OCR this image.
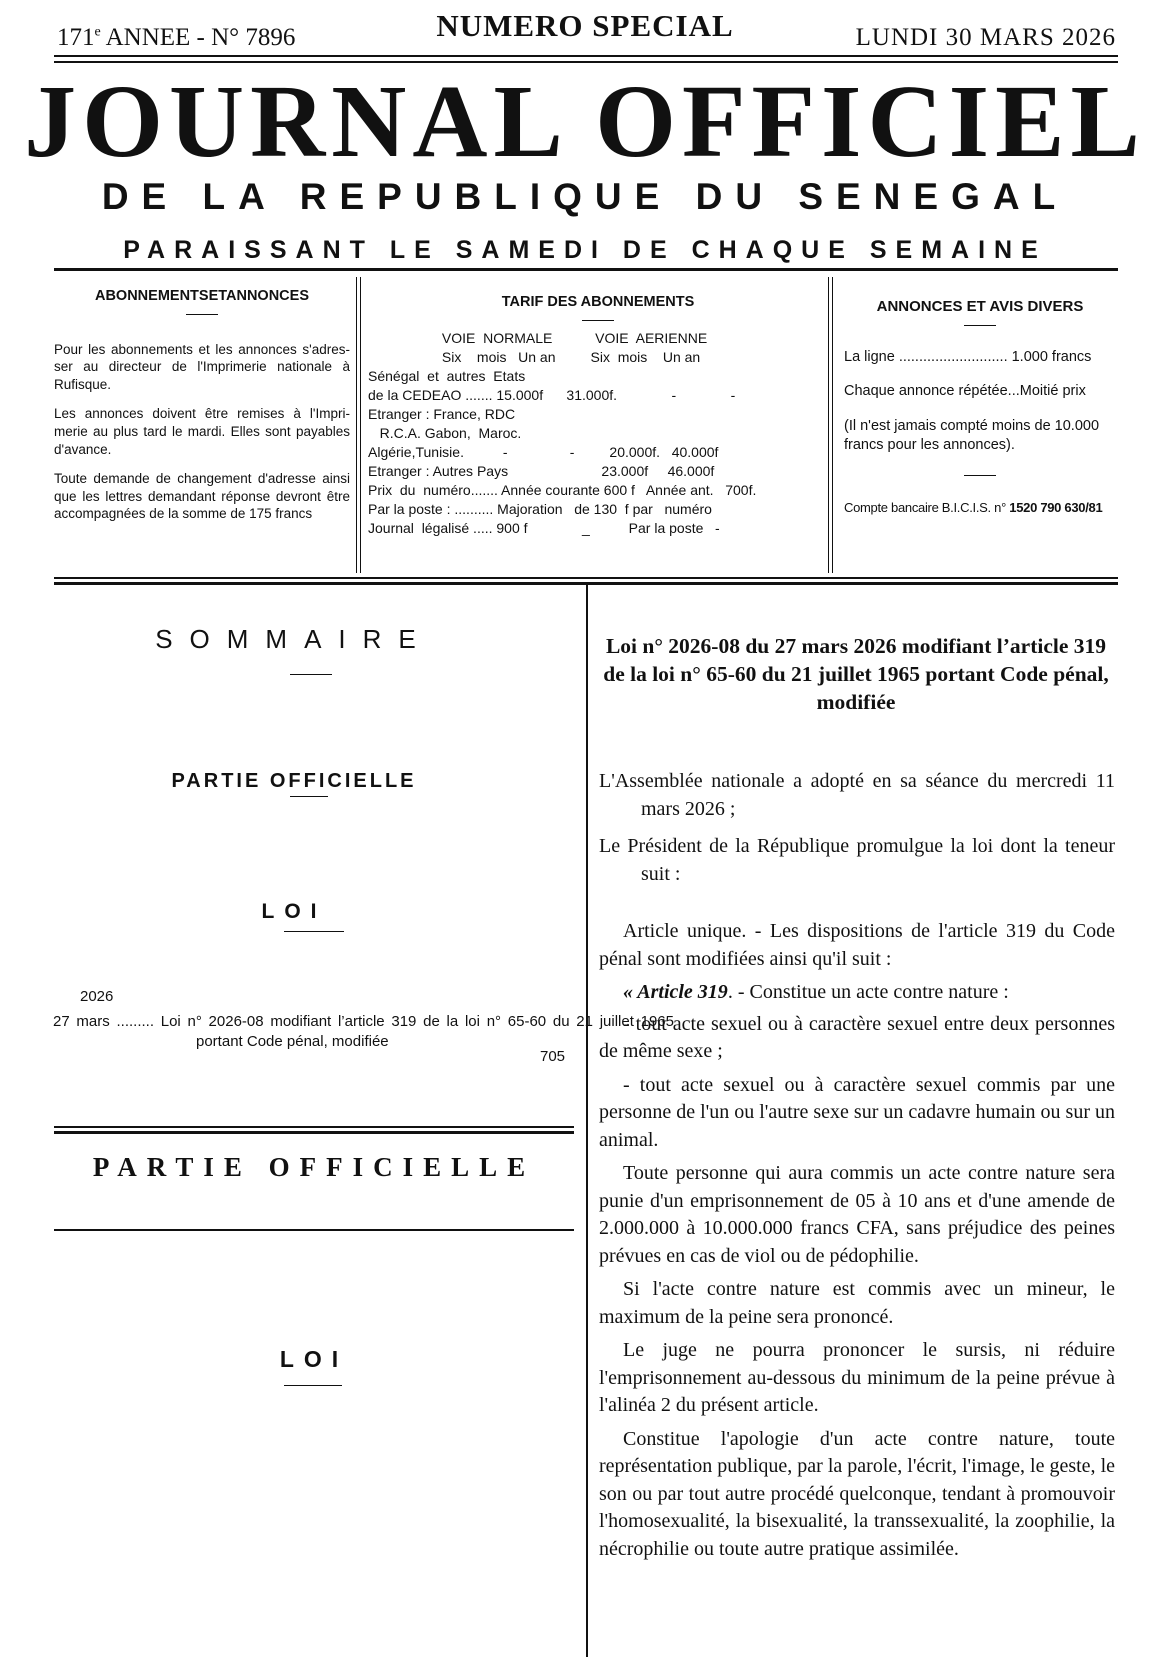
171e ANNEE - N° 7896	NUMERO SPECIAL	LUNDI 30 MARS 2026
JOURNAL OFFICIEL
DE LA REPUBLIQUE DU SENEGAL
PARAISSANT LE SAMEDI DE CHAQUE SEMAINE
ABONNEMENTSETANNONCES

Pour les abonnements et les annonces s'adres-ser au directeur de l'Imprimerie nationale à Rufisque.

Les annonces doivent être remises à l'Impri-merie au plus tard le mardi. Elles sont payables d'avance.

Toute demande de changement d'adresse ainsi que les lettres demandant réponse devront être accompagnées de la somme de 175 francs

TARIF DES ABONNEMENTS
VOIE  NORMALE           VOIE  AERIENNE
Six    mois   Un an         Six  mois    Un an
Sénégal  et  autres  Etats
de la CEDEAO ....... 15.000f      31.000f.              -              -
Etranger : France, RDC
R.C.A. Gabon,  Maroc.
Algérie,Tunisie.          -                -         20.000f.   40.000f
Etranger : Autres Pays                        23.000f     46.000f
Prix  du  numéro....... Année courante 600 f   Année ant.   700f.
Par la poste : .......... Majoration   de 130  f par   numéro
Journal  légalisé ..... 900 f              _          Par la poste   -
ANNONCES ET AVIS DIVERS

La ligne ........................... 1.000 francs

Chaque annonce répétée...Moitié prix

(Il n'est jamais compté moins de 10.000 francs pour les annonces).

Compte bancaire B.I.C.I.S. n° 1520 790 630/81

SOMMAIRE
PARTIE OFFICIELLE
LOI
2026
27 mars ......... Loi n° 2026-08 modifiant l’article 319 de la loi n° 65-60 du 21 juillet 1965 portant Code pénal, modifiée
705
PARTIE OFFICIELLE
LOI
Loi n° 2026-08 du 27 mars 2026 modifiant l’article 319 de la loi n° 65-60 du 21 juillet 1965 portant Code pénal, modifiée

L'Assemblée nationale a adopté en sa séance du mercredi 11 mars 2026 ;

Le Président de la République promulgue la loi dont la teneur suit :

Article unique. - Les dispositions de l'article 319 du Code pénal sont modifiées ainsi qu'il suit :

« Article 319. - Constitue un acte contre nature :

- tout acte sexuel ou à caractère sexuel entre deux personnes de même sexe ;

- tout acte sexuel ou à caractère sexuel commis par une personne de l'un ou l'autre sexe sur un cadavre humain ou sur un animal.

Toute personne qui aura commis un acte contre nature sera punie d'un emprisonnement de 05 à 10 ans et d'une amende de 2.000.000 à 10.000.000 francs CFA, sans préjudice des peines prévues en cas de viol ou de pédophilie.

Si l'acte contre nature est commis avec un mineur, le maximum de la peine sera prononcé.

Le juge ne pourra prononcer le sursis, ni réduire l'emprisonnement au-dessous du minimum de la peine prévue à l'alinéa 2 du présent article.

Constitue l'apologie d'un acte contre nature, toute représentation publique, par la parole, l'écrit, l'image, le geste, le son ou par tout autre procédé quelconque, tendant à promouvoir l'homosexualité, la bisexualité, la transsexualité, la zoophilie, la nécrophilie ou toute autre pratique assimilée.
